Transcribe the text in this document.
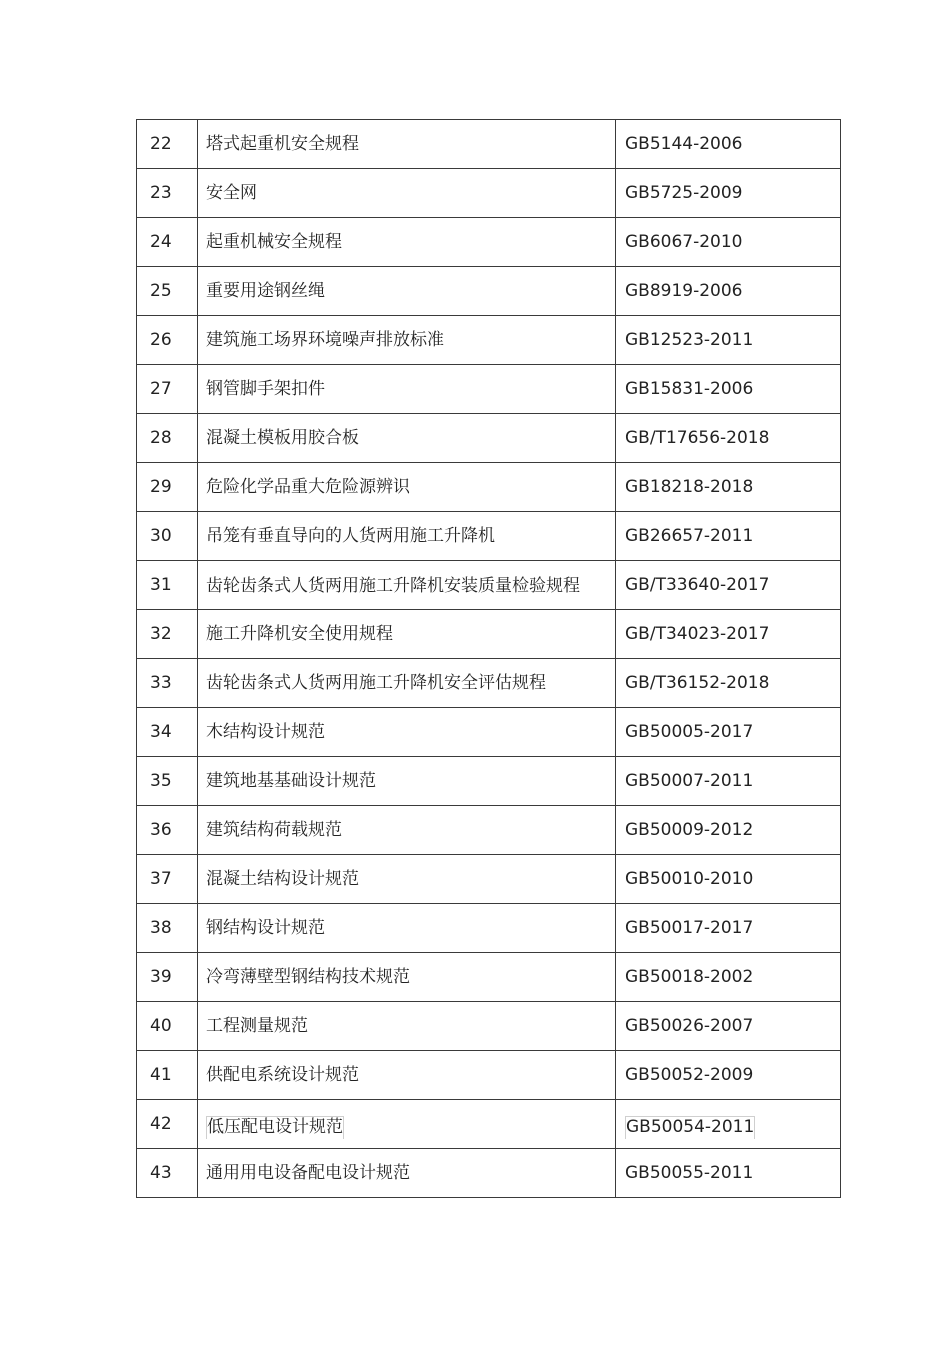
22	塔式起重机安全规程	GB5144-2006
23	安全网	GB5725-2009
24	起重机械安全规程	GB6067-2010
25	重要用途钢丝绳	GB8919-2006
26	建筑施工场界环境噪声排放标准	GB12523-2011
27	钢管脚手架扣件	GB15831-2006
28	混凝土模板用胶合板	GB/T17656-2018
29	危险化学品重大危险源辨识	GB18218-2018
30	吊笼有垂直导向的人货两用施工升降机	GB26657-2011
31	齿轮齿条式人货两用施工升降机安装质量检验规程	GB/T33640-2017
32	施工升降机安全使用规程	GB/T34023-2017
33	齿轮齿条式人货两用施工升降机安全评估规程	GB/T36152-2018
34	木结构设计规范	GB50005-2017
35	建筑地基基础设计规范	GB50007-2011
36	建筑结构荷载规范	GB50009-2012
37	混凝土结构设计规范	GB50010-2010
38	钢结构设计规范	GB50017-2017
39	冷弯薄壁型钢结构技术规范	GB50018-2002
40	工程测量规范	GB50026-2007
41	供配电系统设计规范	GB50052-2009
42	低压配电设计规范	GB50054-2011
43	通用用电设备配电设计规范	GB50055-2011
